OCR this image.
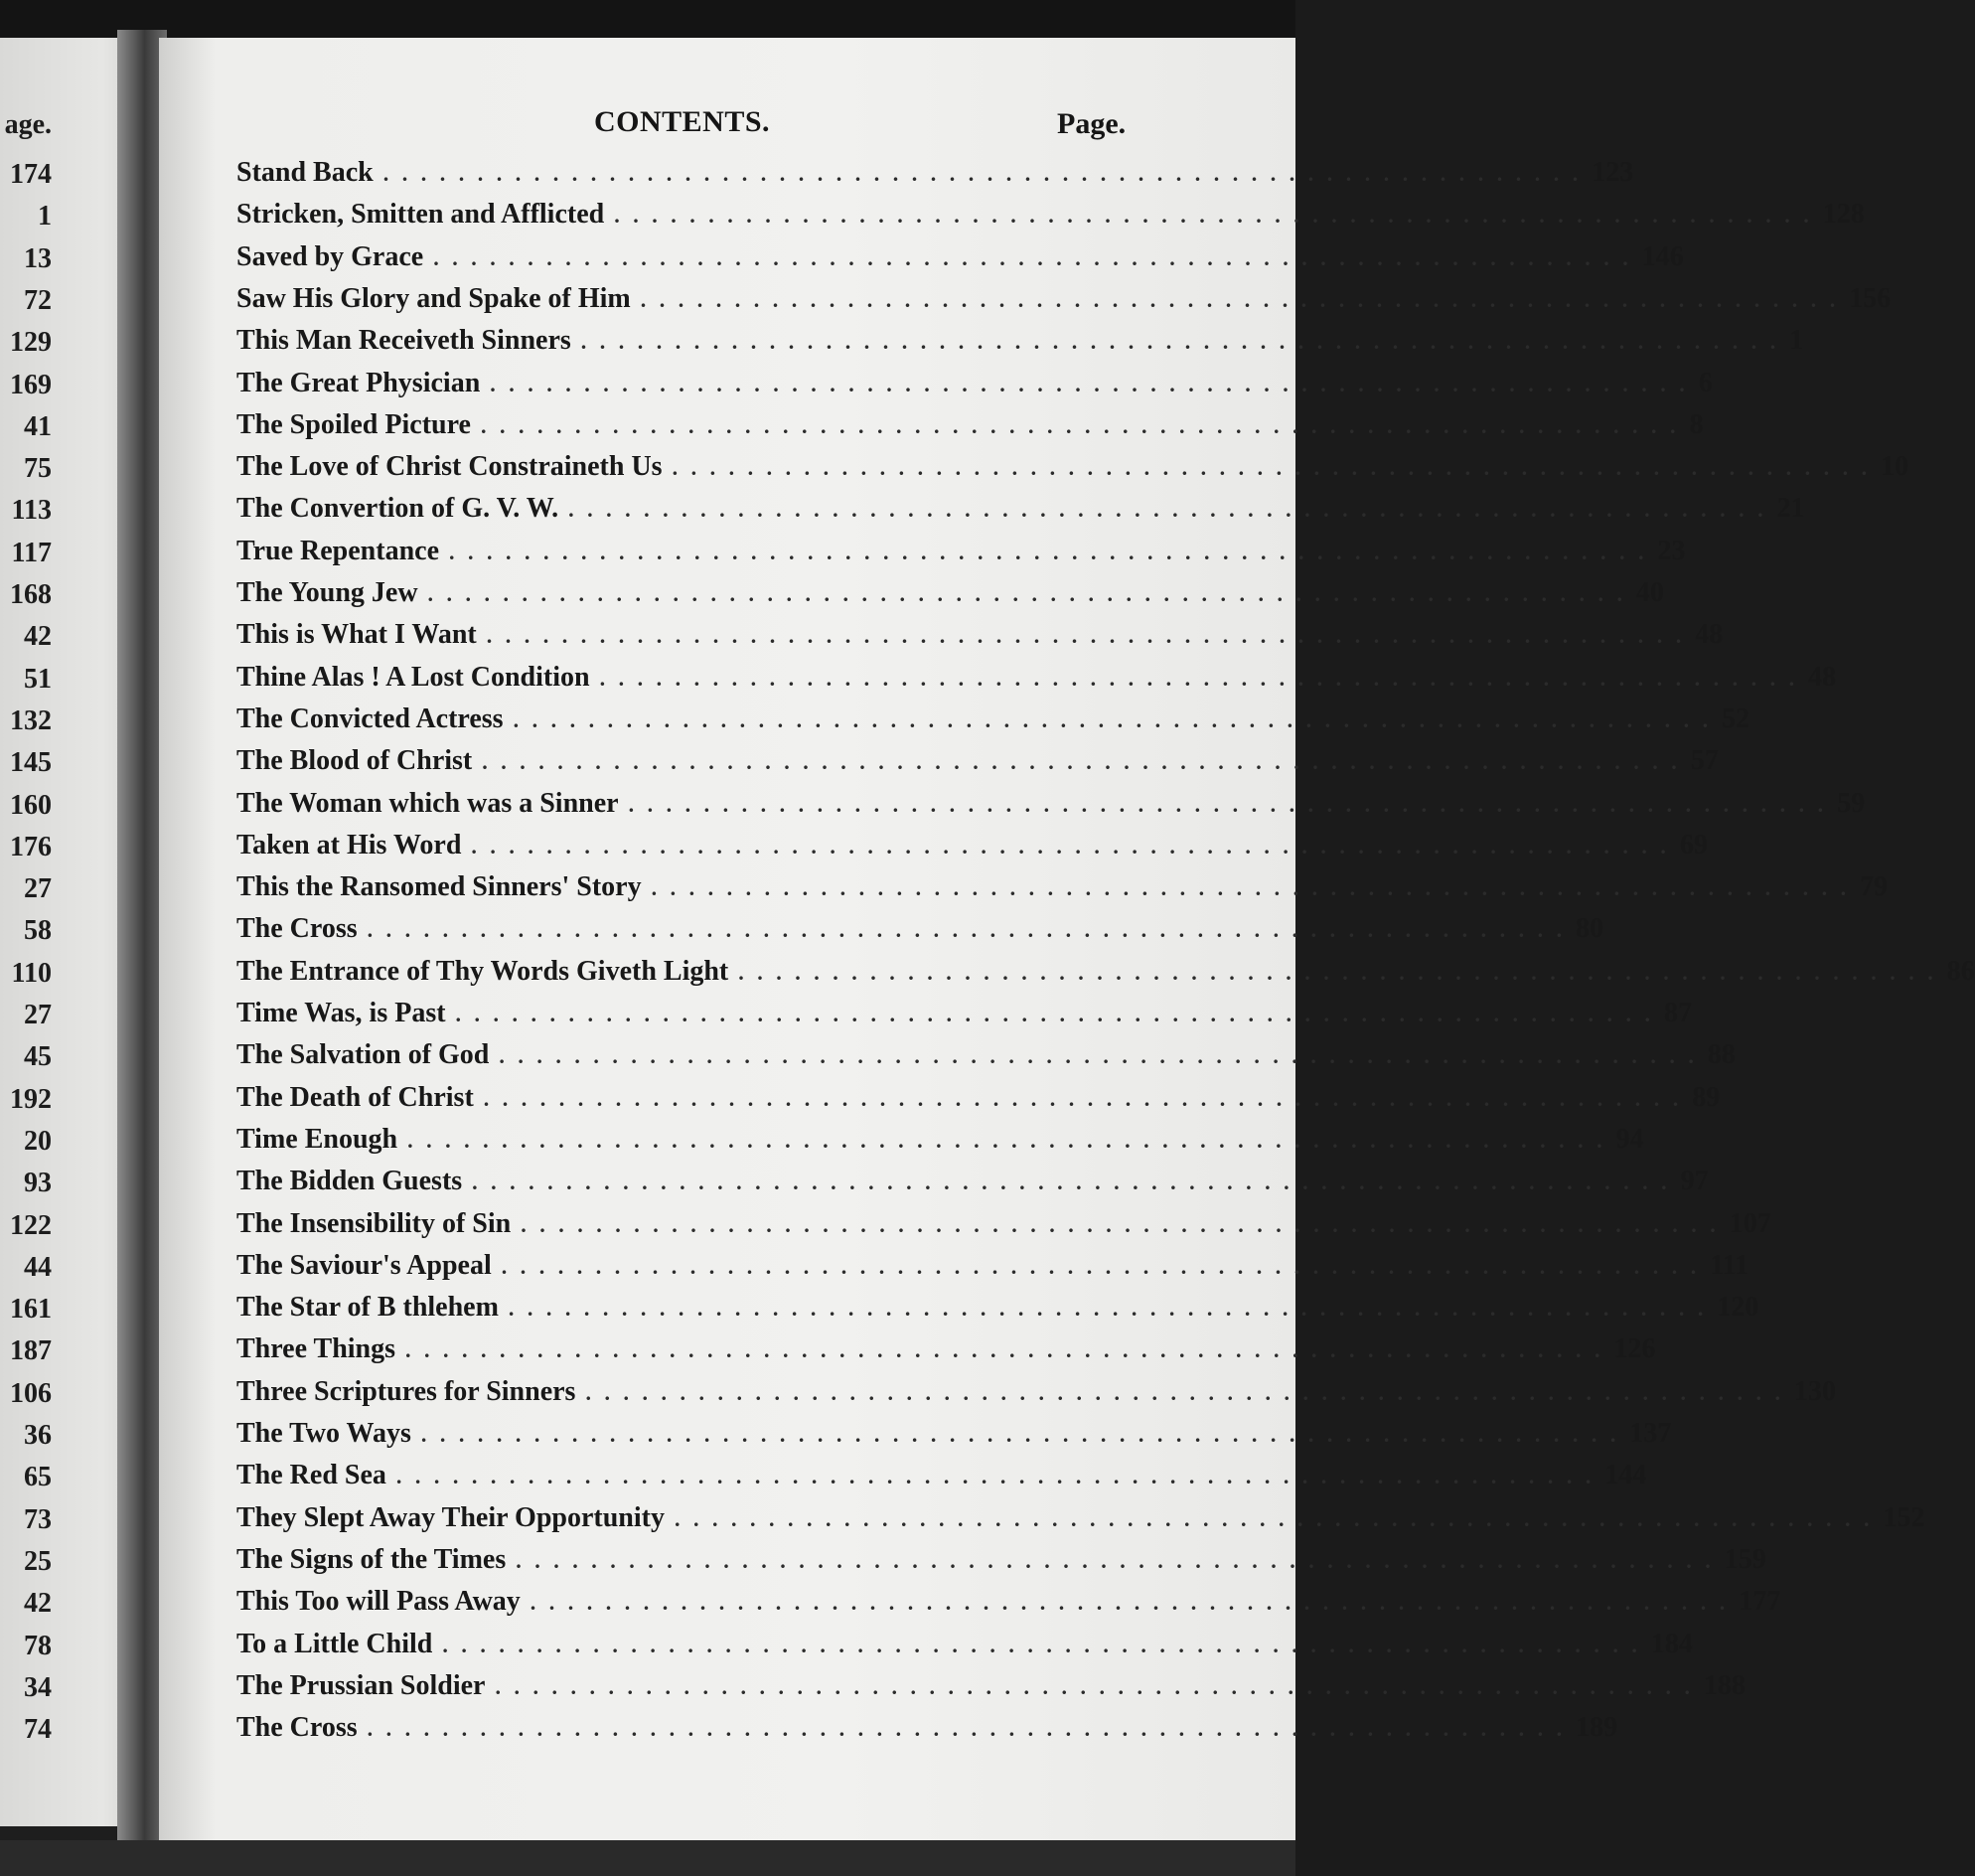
age.
174
1
13
72
129
169
41
75
113
117
168
42
51
132
145
160
176
27
58
110
27
45
192
20
93
122
44
161
187
106
36
65
73
25
42
78
34
74
CONTENTS.	Page.
Stand Back . . . . . . . . . . . . . . . . . . . . . . . . . . . . . . . . . . . . . . . . . . . . . . . . . . . . . . . . . . . . . . . . 123
Stricken, Smitten and Afflicted . . . . . . . . . . . . . . . . . . . . . . . . . . . . . . . . . . . . . . . . . . . . . . . . . . . . . . . . . . . . . . . . 128
Saved by Grace . . . . . . . . . . . . . . . . . . . . . . . . . . . . . . . . . . . . . . . . . . . . . . . . . . . . . . . . . . . . . . . . 146
Saw His Glory and Spake of Him . . . . . . . . . . . . . . . . . . . . . . . . . . . . . . . . . . . . . . . . . . . . . . . . . . . . . . . . . . . . . . . . 156
This Man Receiveth Sinners . . . . . . . . . . . . . . . . . . . . . . . . . . . . . . . . . . . . . . . . . . . . . . . . . . . . . . . . . . . . . . . . 1
The Great Physician . . . . . . . . . . . . . . . . . . . . . . . . . . . . . . . . . . . . . . . . . . . . . . . . . . . . . . . . . . . . . . . . 6
The Spoiled Picture . . . . . . . . . . . . . . . . . . . . . . . . . . . . . . . . . . . . . . . . . . . . . . . . . . . . . . . . . . . . . . . . 8
The Love of Christ Constraineth Us . . . . . . . . . . . . . . . . . . . . . . . . . . . . . . . . . . . . . . . . . . . . . . . . . . . . . . . . . . . . . . . . 10
The Convertion of G. V. W. . . . . . . . . . . . . . . . . . . . . . . . . . . . . . . . . . . . . . . . . . . . . . . . . . . . . . . . . . . . . . . . . 21
True Repentance . . . . . . . . . . . . . . . . . . . . . . . . . . . . . . . . . . . . . . . . . . . . . . . . . . . . . . . . . . . . . . . . 23
The Young Jew . . . . . . . . . . . . . . . . . . . . . . . . . . . . . . . . . . . . . . . . . . . . . . . . . . . . . . . . . . . . . . . . 40
This is What I Want . . . . . . . . . . . . . . . . . . . . . . . . . . . . . . . . . . . . . . . . . . . . . . . . . . . . . . . . . . . . . . . . 48
Thine Alas ! A Lost Condition . . . . . . . . . . . . . . . . . . . . . . . . . . . . . . . . . . . . . . . . . . . . . . . . . . . . . . . . . . . . . . . . 48
The Convicted Actress . . . . . . . . . . . . . . . . . . . . . . . . . . . . . . . . . . . . . . . . . . . . . . . . . . . . . . . . . . . . . . . . 52
The Blood of Christ . . . . . . . . . . . . . . . . . . . . . . . . . . . . . . . . . . . . . . . . . . . . . . . . . . . . . . . . . . . . . . . . 57
The Woman which was a Sinner . . . . . . . . . . . . . . . . . . . . . . . . . . . . . . . . . . . . . . . . . . . . . . . . . . . . . . . . . . . . . . . . 59
Taken at His Word . . . . . . . . . . . . . . . . . . . . . . . . . . . . . . . . . . . . . . . . . . . . . . . . . . . . . . . . . . . . . . . . 69
This the Ransomed Sinners' Story . . . . . . . . . . . . . . . . . . . . . . . . . . . . . . . . . . . . . . . . . . . . . . . . . . . . . . . . . . . . . . . . 79
The Cross . . . . . . . . . . . . . . . . . . . . . . . . . . . . . . . . . . . . . . . . . . . . . . . . . . . . . . . . . . . . . . . . 80
The Entrance of Thy Words Giveth Light . . . . . . . . . . . . . . . . . . . . . . . . . . . . . . . . . . . . . . . . . . . . . . . . . . . . . . . . . . . . . . . . 86
Time Was, is Past . . . . . . . . . . . . . . . . . . . . . . . . . . . . . . . . . . . . . . . . . . . . . . . . . . . . . . . . . . . . . . . . 87
The Salvation of God . . . . . . . . . . . . . . . . . . . . . . . . . . . . . . . . . . . . . . . . . . . . . . . . . . . . . . . . . . . . . . . . 88
The Death of Christ . . . . . . . . . . . . . . . . . . . . . . . . . . . . . . . . . . . . . . . . . . . . . . . . . . . . . . . . . . . . . . . . 89
Time Enough . . . . . . . . . . . . . . . . . . . . . . . . . . . . . . . . . . . . . . . . . . . . . . . . . . . . . . . . . . . . . . . . 94
The Bidden Guests . . . . . . . . . . . . . . . . . . . . . . . . . . . . . . . . . . . . . . . . . . . . . . . . . . . . . . . . . . . . . . . . 97
The Insensibility of Sin . . . . . . . . . . . . . . . . . . . . . . . . . . . . . . . . . . . . . . . . . . . . . . . . . . . . . . . . . . . . . . . . 107
The Saviour's Appeal . . . . . . . . . . . . . . . . . . . . . . . . . . . . . . . . . . . . . . . . . . . . . . . . . . . . . . . . . . . . . . . . 111
The Star of B thlehem . . . . . . . . . . . . . . . . . . . . . . . . . . . . . . . . . . . . . . . . . . . . . . . . . . . . . . . . . . . . . . . . 120
Three Things . . . . . . . . . . . . . . . . . . . . . . . . . . . . . . . . . . . . . . . . . . . . . . . . . . . . . . . . . . . . . . . . 126
Three Scriptures for Sinners . . . . . . . . . . . . . . . . . . . . . . . . . . . . . . . . . . . . . . . . . . . . . . . . . . . . . . . . . . . . . . . . 130
The Two Ways . . . . . . . . . . . . . . . . . . . . . . . . . . . . . . . . . . . . . . . . . . . . . . . . . . . . . . . . . . . . . . . . 137
The Red Sea . . . . . . . . . . . . . . . . . . . . . . . . . . . . . . . . . . . . . . . . . . . . . . . . . . . . . . . . . . . . . . . . 144
They Slept Away Their Opportunity . . . . . . . . . . . . . . . . . . . . . . . . . . . . . . . . . . . . . . . . . . . . . . . . . . . . . . . . . . . . . . . . 152
The Signs of the Times . . . . . . . . . . . . . . . . . . . . . . . . . . . . . . . . . . . . . . . . . . . . . . . . . . . . . . . . . . . . . . . . 159
This Too will Pass Away . . . . . . . . . . . . . . . . . . . . . . . . . . . . . . . . . . . . . . . . . . . . . . . . . . . . . . . . . . . . . . . . 177
To a Little Child . . . . . . . . . . . . . . . . . . . . . . . . . . . . . . . . . . . . . . . . . . . . . . . . . . . . . . . . . . . . . . . . 184
The Prussian Soldier . . . . . . . . . . . . . . . . . . . . . . . . . . . . . . . . . . . . . . . . . . . . . . . . . . . . . . . . . . . . . . . . 188
The Cross . . . . . . . . . . . . . . . . . . . . . . . . . . . . . . . . . . . . . . . . . . . . . . . . . . . . . . . . . . . . . . . . 189
